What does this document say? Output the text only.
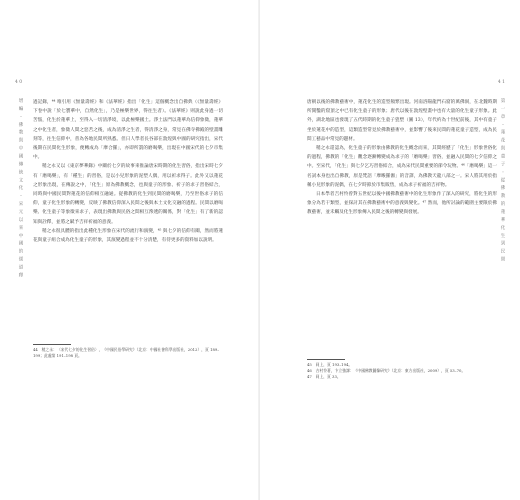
4 0
增 編 ・ 佛 教 與 中 國 傳 統 文 化 ・ 宋 元 以 來 中 國 的 儒 道 釋 過記錄，⁴⁴ 唯引用《無量壽經》和《法華經》指出「化生」這個概念出自佛典（《無量壽經》下卷中說「於七寶華中，自然化生」，乃是極樂世界，得往生者）。《法華經》則說此身過一切苦惱，化生於蓮華上，至得入一切清淨境，以此極樂國土。淨土法門以蓮華為信仰象徵，蓮華之中化生者，象徵人間之惡苦之後，成為清淨之生者，得清淨之身，常見在佛寺佛殿的壁畫雕刻等，往生信仰中，普為各地民間所熟悉。但日人學者長谷部在敦煌與中國的研究指出，宋代後期在民間化生形象，便轉成為「摩合羅」，亦即所謂的磨喝樂，出現在中國宋代的七夕市集中。

稍之永又以《東京夢華錄》中關於七夕的故事來推論唐宋時期的化生習俗，指出宋時七夕有「磨喝樂」，有「種生」的習俗，是以小兒形象的泥塑人偶，用以祈求得子。此外又以蓮花之形象出現，在傳說之中，「化生」原為佛教概念，也與童子的形象、祈子的求子習俗結合，同時與中國民間對蓮花的信仰相互融通。從佛教的化生到民間的磨喝樂，乃至世俗求子的信仰，童子化生形象的轉變，反映了佛教信仰深入民間之後與本土文化交融的過程。民間以磨喝樂、化生童子等象徵來求子，表現出佛教與民俗之間相互滲透的關係，對「化生」有了新的認知與詮釋，並將之賦予吉祥祈福的意義。

稍之永很具體的指出此種化生形象在宋代的流行和演變，⁴⁵ 與七夕的信仰有關，然而將蓮花與童子組合成為化生童子的形象，其演變過程並不十分清楚，有待更多的資料加以說明。

44　稍之永：〈宋代七夕的化生習俗〉，《中國民俗學研究》（北京：中國社會科學出版社，2012），頁 189–199；此處第 191–198 頁。
4 1
第 一 章 ・ 蓮 花 與 童 子 ・ 從 佛 教 的 蓮 華 化 生 到 民 間

唐朝以後的佛教藝術中，蓮花化生的造型頻繁出現。河南洛陽龍門石窟的萬佛洞，在北魏時期所開鑿的窟頂之中已有化生童子的形象；唐代以後在敦煌壁畫中也有大量的化生童子形象。此外，湖北地區也發現了五代時期的化生童子瓷塑（圖 13），年代約為十世紀前後，其中有童子坐於蓮花中的造型，這類造型常見於佛教藝術中，並影響了後來民間的蓮花童子造型，成為民間工藝品中常見的題材。

稍之永還認為，化生童子的形象由佛教的化生概念而來，其間經歷了「化生」形象世俗化的過程，佛教的「化生」觀念逐漸轉變成為求子的「磨喝樂」習俗，並融入民間的七夕信仰之中。至宋代，「化生」與七夕乞巧習俗結合，成為宋代民間重要的節令玩物。⁴⁶「磨喝樂」這一名詞本身也出自佛教，原是梵語「摩睺羅伽」的音譯，為佛教天龍八部之一。宋人將其用於指稱小兒形象的泥偶，在七夕時節於市集販售，成為求子祈福的吉祥物。

日本學者吉村怜曾對五世紀以後中國佛教藝術中的化生形象作了深入的研究，將化生的形象分為若干類型，並探討其在佛教藝術中的意義與變化。⁴⁷ 然而，他所討論的範圍主要限於佛教藝術，並未觸及化生形象傳入民間之後的轉變與發展。

45　同上，頁 193–194。
46　吉村怜著，卞立強譯：《中國佛教圖像研究》（北京：東方出版社，2009），頁 53–70。
47　同上，頁 33。
